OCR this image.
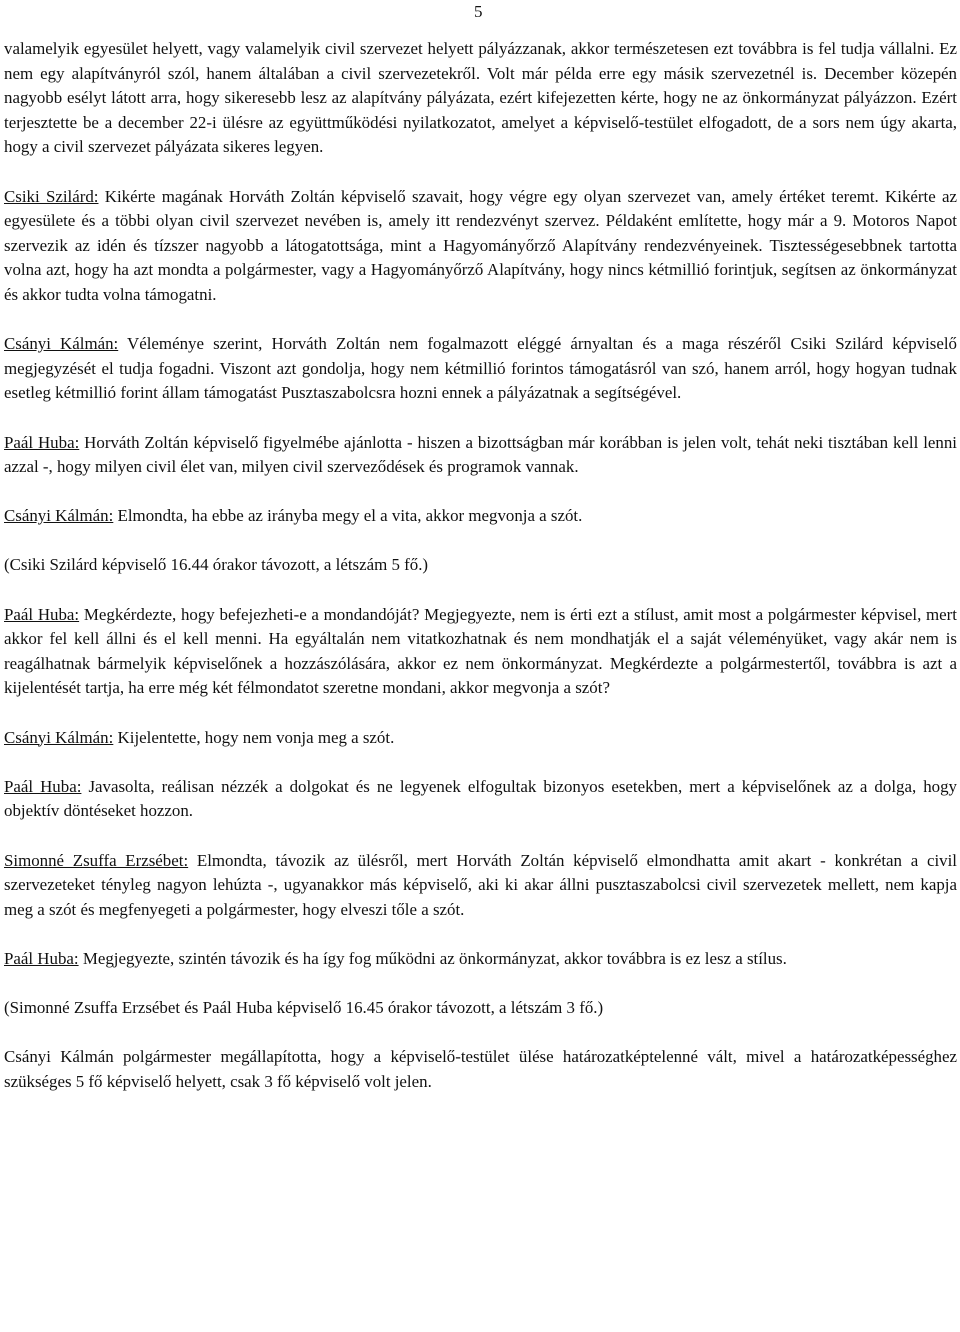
5

valamelyik egyesület helyett, vagy valamelyik civil szervezet helyett pályázzanak, akkor természetesen ezt továbbra is fel tudja vállalni. Ez nem egy alapítványról szól, hanem általában a civil szervezetekről. Volt már példa erre egy másik szervezetnél is. December közepén nagyobb esélyt látott arra, hogy sikeresebb lesz az alapítvány pályázata, ezért kifejezetten kérte, hogy ne az önkormányzat pályázzon. Ezért terjesztette be a december 22-i ülésre az együttműködési nyilatkozatot, amelyet a képviselő-testület elfogadott, de a sors nem úgy akarta, hogy a civil szervezet pályázata sikeres legyen.

Csiki Szilárd: Kikérte magának Horváth Zoltán képviselő szavait, hogy végre egy olyan szervezet van, amely értéket teremt. Kikérte az egyesülete és a többi olyan civil szervezet nevében is, amely itt rendezvényt szervez. Példaként említette, hogy már a 9. Motoros Napot szervezik az idén és tízszer nagyobb a látogatottsága, mint a Hagyományőrző Alapítvány rendezvényeinek. Tisztességesebbnek tartotta volna azt, hogy ha azt mondta a polgármester, vagy a Hagyományőrző Alapítvány, hogy nincs kétmillió forintjuk, segítsen az önkormányzat és akkor tudta volna támogatni.

Csányi Kálmán: Véleménye szerint, Horváth Zoltán nem fogalmazott eléggé árnyaltan és a maga részéről Csiki Szilárd képviselő megjegyzését el tudja fogadni. Viszont azt gondolja, hogy nem kétmillió forintos támogatásról van szó, hanem arról, hogy hogyan tudnak esetleg kétmillió forint állam támogatást Pusztaszabolcsra hozni ennek a pályázatnak a segítségével.

Paál Huba: Horváth Zoltán képviselő figyelmébe ajánlotta - hiszen a bizottságban már korábban is jelen volt, tehát neki tisztában kell lenni azzal -, hogy milyen civil élet van, milyen civil szerveződések és programok vannak.

Csányi Kálmán: Elmondta, ha ebbe az irányba megy el a vita, akkor megvonja a szót.

(Csiki Szilárd képviselő 16.44 órakor távozott, a létszám 5 fő.)

Paál Huba: Megkérdezte, hogy befejezheti-e a mondandóját? Megjegyezte, nem is érti ezt a stílust, amit most a polgármester képvisel, mert akkor fel kell állni és el kell menni. Ha egyáltalán nem vitatkozhatnak és nem mondhatják el a saját véleményüket, vagy akár nem is reagálhatnak bármelyik képviselőnek a hozzászólására, akkor ez nem önkormányzat. Megkérdezte a polgármestertől, továbbra is azt a kijelentését tartja, ha erre még két félmondatot szeretne mondani, akkor megvonja a szót?

Csányi Kálmán: Kijelentette, hogy nem vonja meg a szót.

Paál Huba: Javasolta, reálisan nézzék a dolgokat és ne legyenek elfogultak bizonyos esetekben, mert a képviselőnek az a dolga, hogy objektív döntéseket hozzon.

Simonné Zsuffa Erzsébet: Elmondta, távozik az ülésről, mert Horváth Zoltán képviselő elmondhatta amit akart - konkrétan a civil szervezeteket tényleg nagyon lehúzta -, ugyanakkor más képviselő, aki ki akar állni pusztaszabolcsi civil szervezetek mellett, nem kapja meg a szót és megfenyegeti a polgármester, hogy elveszi tőle a szót.

Paál Huba: Megjegyezte, szintén távozik és ha így fog működni az önkormányzat, akkor továbbra is ez lesz a stílus.

(Simonné Zsuffa Erzsébet és Paál Huba képviselő 16.45 órakor távozott, a létszám 3 fő.)

Csányi Kálmán polgármester megállapította, hogy a képviselő-testület ülése határozatképtelenné vált, mivel a határozatképességhez szükséges 5 fő képviselő helyett, csak 3 fő képviselő volt jelen.
